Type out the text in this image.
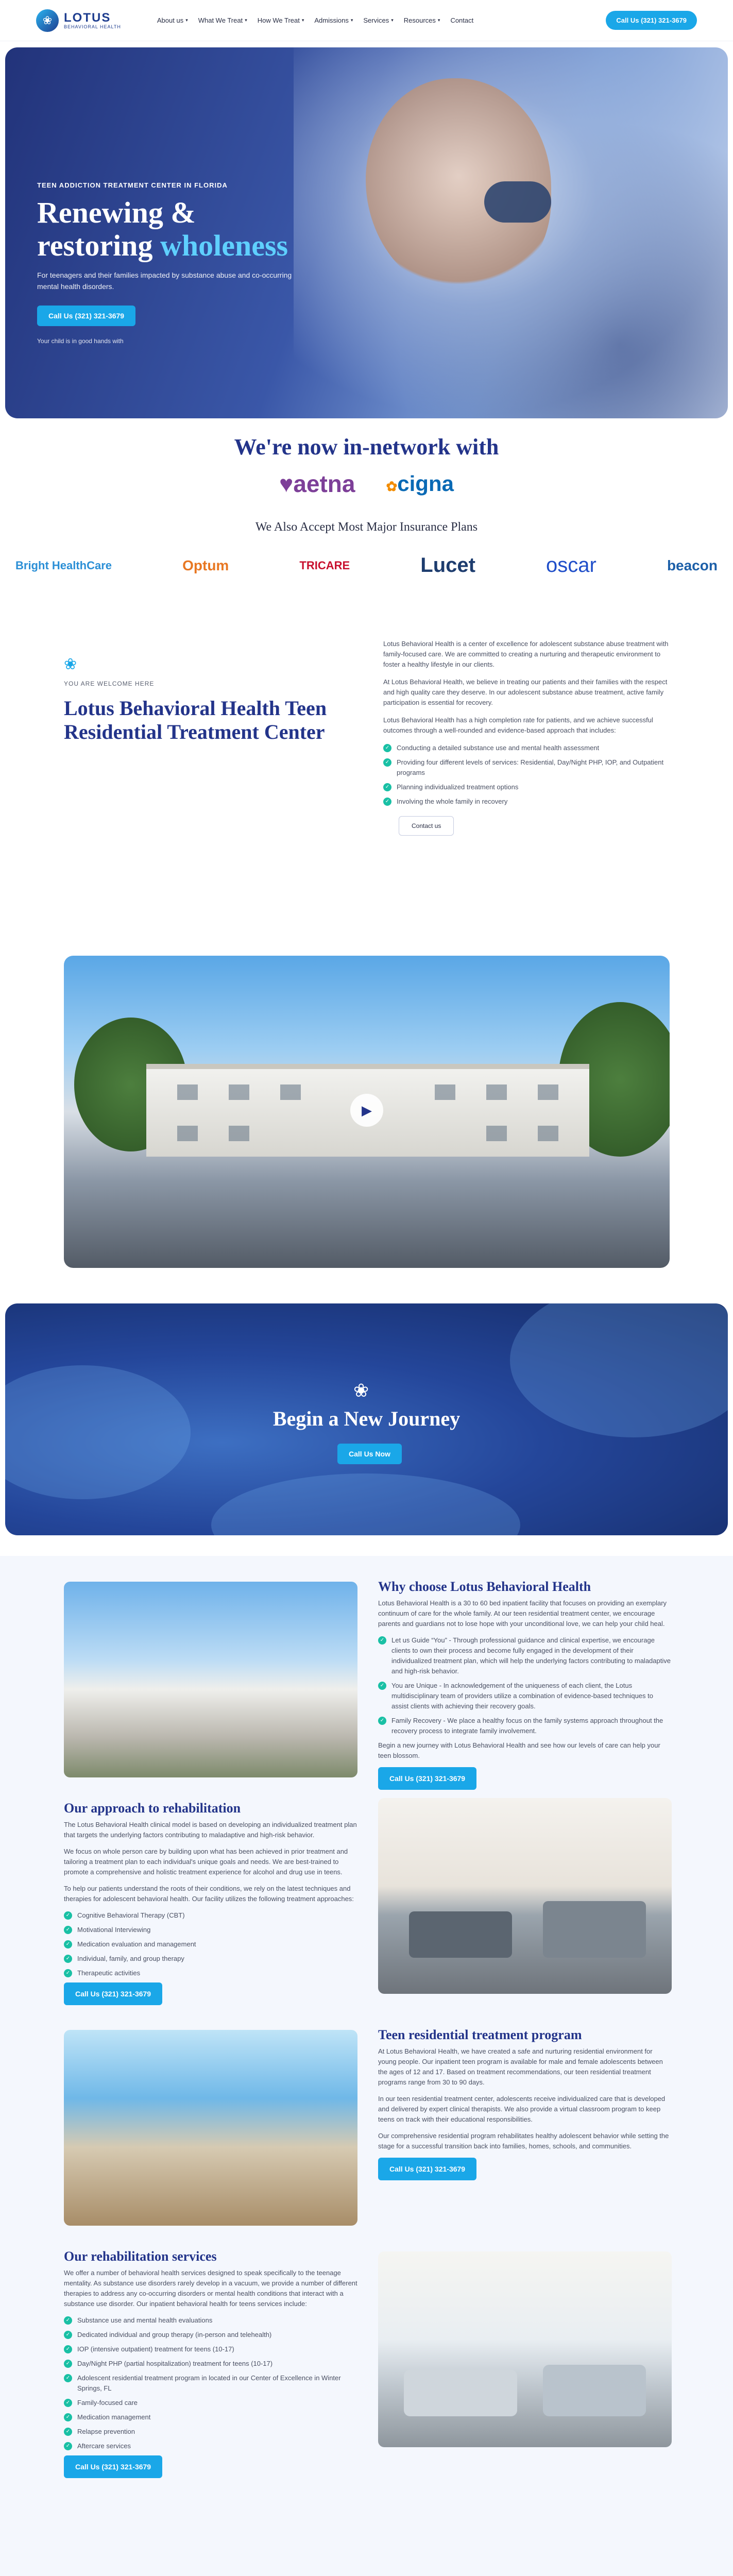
❀ LOTUS
BEHAVIORAL HEALTH
About us ▾ What We Treat ▾ How We Treat ▾ Admissions ▾ Services ▾ Resources ▾ Contact	Call Us (321) 321-3679
TEEN ADDICTION TREATMENT CENTER IN FLORIDA
Renewing &
restoring wholeness

For teenagers and their families impacted by substance abuse and co-occurring mental health disorders.

Call Us (321) 321-3679
Your child is in good hands with
We're now in-network with
♥aetna ✿cigna
We Also Accept Most Major Insurance Plans
Bright HealthCare	Optum	TRICARE	Lucet	oscar	beacon
❀
YOU ARE WELCOME HERE
Lotus Behavioral Health Teen Residential Treatment Center

Lotus Behavioral Health is a center of excellence for adolescent substance abuse treatment with family-focused care. We are committed to creating a nurturing and therapeutic environment to foster a healthy lifestyle in our clients.

At Lotus Behavioral Health, we believe in treating our patients and their families with the respect and high quality care they deserve. In our adolescent substance abuse treatment, active family participation is essential for recovery.

Lotus Behavioral Health has a high completion rate for patients, and we achieve successful outcomes through a well-rounded and evidence-based approach that includes:

✓ Conducting a detailed substance use and mental health assessment
✓ Providing four different levels of services: Residential, Day/Night PHP, IOP, and Outpatient programs
✓ Planning individualized treatment options
✓ Involving the whole family in recovery
Contact us
▶
❀
Begin a New Journey
Call Us Now
Why choose Lotus Behavioral Health

Lotus Behavioral Health is a 30 to 60 bed inpatient facility that focuses on providing an exemplary continuum of care for the whole family. At our teen residential treatment center, we encourage parents and guardians not to lose hope with your unconditional love, we can help your child heal.

✓ Let us Guide “You” - Through professional guidance and clinical expertise, we encourage clients to own their process and become fully engaged in the development of their individualized treatment plan, which will help the underlying factors contributing to maladaptive and high-risk behavior.
✓ You are Unique - In acknowledgement of the uniqueness of each client, the Lotus multidisciplinary team of providers utilize a combination of evidence-based techniques to assist clients with achieving their recovery goals.
✓ Family Recovery - We place a healthy focus on the family systems approach throughout the recovery process to integrate family involvement.

Begin a new journey with Lotus Behavioral Health and see how our levels of care can help your teen blossom.

Call Us (321) 321-3679
Our approach to rehabilitation

The Lotus Behavioral Health clinical model is based on developing an individualized treatment plan that targets the underlying factors contributing to maladaptive and high-risk behavior.

We focus on whole person care by building upon what has been achieved in prior treatment and tailoring a treatment plan to each individual's unique goals and needs. We are best-trained to promote a comprehensive and holistic treatment experience for alcohol and drug use in teens.

To help our patients understand the roots of their conditions, we rely on the latest techniques and therapies for adolescent behavioral health. Our facility utilizes the following treatment approaches:

✓ Cognitive Behavioral Therapy (CBT)
✓ Motivational Interviewing
✓ Medication evaluation and management
✓ Individual, family, and group therapy
✓ Therapeutic activities
Call Us (321) 321-3679
Teen residential treatment program

At Lotus Behavioral Health, we have created a safe and nurturing residential environment for young people. Our inpatient teen program is available for male and female adolescents between the ages of 12 and 17. Based on treatment recommendations, our teen residential treatment programs range from 30 to 90 days.

In our teen residential treatment center, adolescents receive individualized care that is developed and delivered by expert clinical therapists. We also provide a virtual classroom program to keep teens on track with their educational responsibilities.

Our comprehensive residential program rehabilitates healthy adolescent behavior while setting the stage for a successful transition back into families, homes, schools, and communities.

Call Us (321) 321-3679
Our rehabilitation services

We offer a number of behavioral health services designed to speak specifically to the teenage mentality. As substance use disorders rarely develop in a vacuum, we provide a number of different therapies to address any co-occurring disorders or mental health conditions that interact with a substance use disorder. Our inpatient behavioral health for teens services include:

✓ Substance use and mental health evaluations
✓ Dedicated individual and group therapy (in-person and telehealth)
✓ IOP (intensive outpatient) treatment for teens (10-17)
✓ Day/Night PHP (partial hospitalization) treatment for teens (10-17)
✓ Adolescent residential treatment program in located in our Center of Excellence in Winter Springs, FL
✓ Family-focused care
✓ Medication management
✓ Relapse prevention
✓ Aftercare services
Call Us (321) 321-3679
